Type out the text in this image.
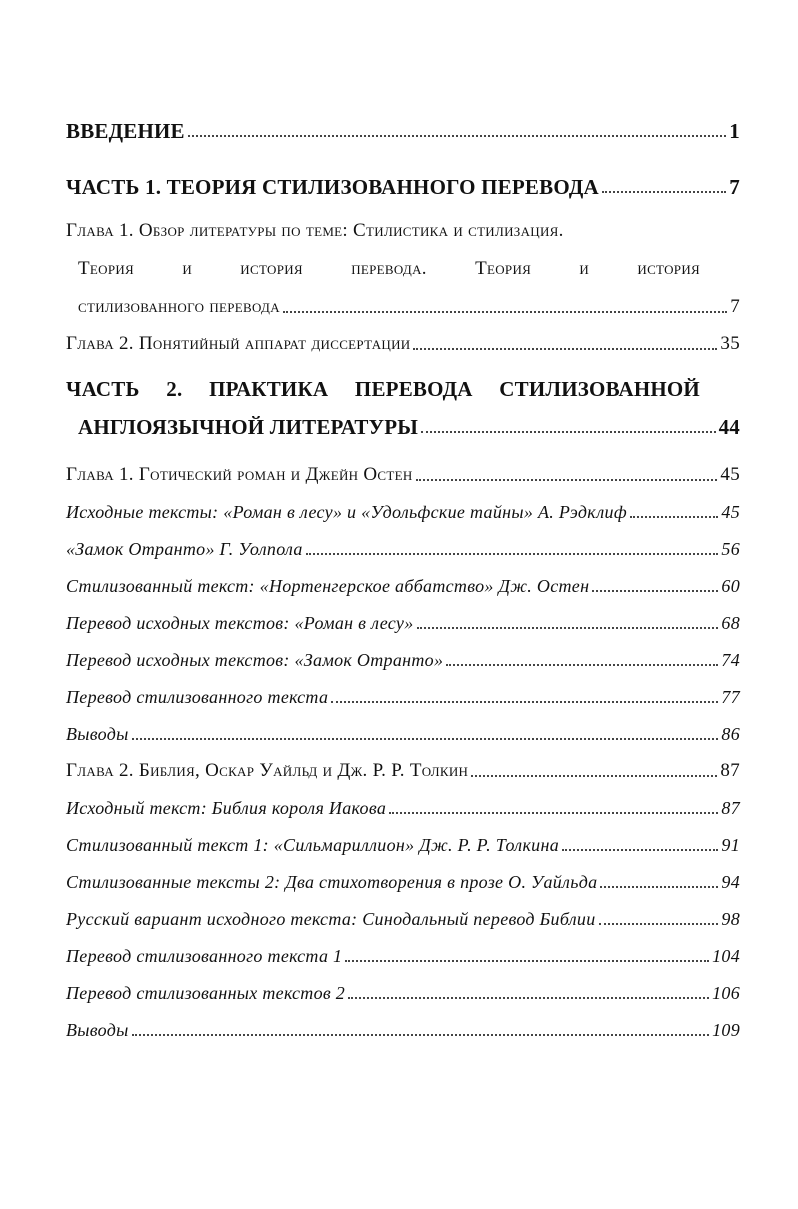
ВВЕДЕНИЕ	1
ЧАСТЬ 1. ТЕОРИЯ СТИЛИЗОВАННОГО ПЕРЕВОДА	7
Глава 1. Обзор литературы по теме: Стилистика и стилизация.
Теория	и	история	перевода.	Теория	и	история
стилизованного перевода	7
Глава 2. Понятийный аппарат диссертации	35
ЧАСТЬ 2. ПРАКТИКА ПЕРЕВОДА СТИЛИЗОВАННОЙ
АНГЛОЯЗЫЧНОЙ ЛИТЕРАТУРЫ	44
Глава 1. Готический роман и Джейн Остен	45
Исходные тексты: «Роман в лесу» и «Удольфские тайны» А. Рэдклиф	45
«Замок Отранто» Г. Уолпола	56
Стилизованный текст: «Нортенгерское аббатство» Дж. Остен	60
Перевод исходных текстов: «Роман в лесу»	68
Перевод исходных текстов: «Замок Отранто»	74
Перевод стилизованного текста	77
Выводы	86
Глава 2. Библия, Оскар Уайльд и Дж. Р. Р. Толкин	87
Исходный текст: Библия короля Иакова	87
Стилизованный текст 1: «Сильмариллион» Дж. Р. Р. Толкина	91
Стилизованные тексты 2: Два стихотворения в прозе О. Уайльда	94
Русский вариант исходного текста: Синодальный перевод Библии	98
Перевод стилизованного текста 1	104
Перевод стилизованных текстов 2	106
Выводы	109
